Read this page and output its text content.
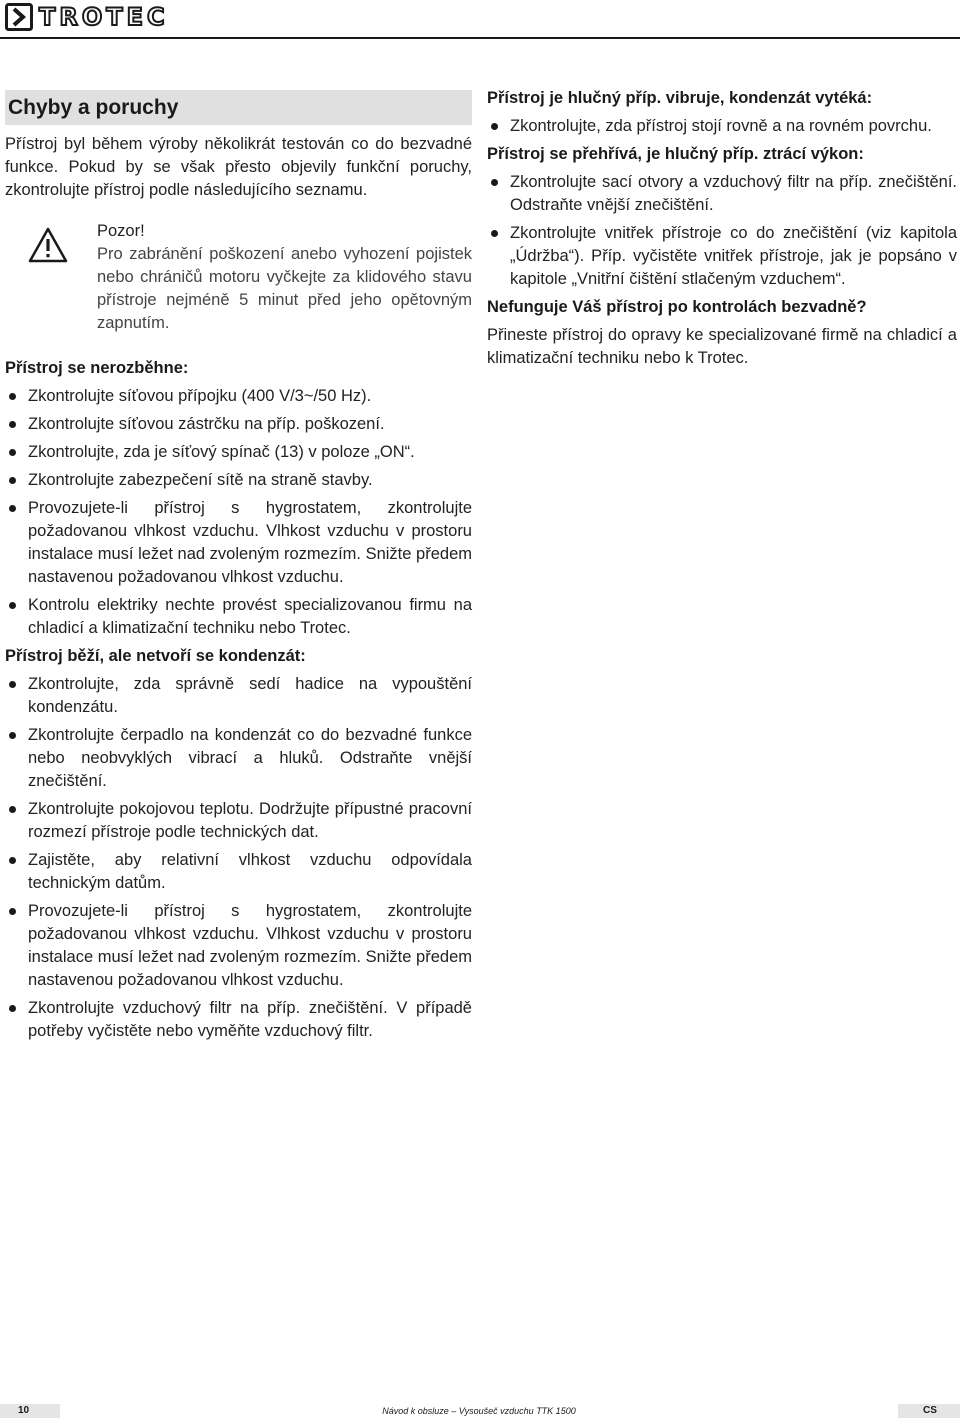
TROTEC
Chyby a poruchy

Přístroj byl během výroby několikrát testován co do bezvadné funkce. Pokud by se však přesto objevily funkční poruchy, zkontrolujte přístroj podle následujícího seznamu.

Pozor!

Pro zabránění poškození anebo vyhození pojistek nebo chráničů motoru vyčkejte za klidového stavu přístroje nejméně 5 minut před jeho opětovným zapnutím.

Přístroj se nerozběhne:
Zkontrolujte síťovou přípojku (400 V/3~/50 Hz).
Zkontrolujte síťovou zástrčku na příp. poškození.
Zkontrolujte, zda je síťový spínač (13) v poloze „ON“.
Zkontrolujte zabezpečení sítě na straně stavby.
Provozujete-li přístroj s hygrostatem, zkontrolujte požadovanou vlhkost vzduchu. Vlhkost vzduchu v prostoru instalace musí ležet nad zvoleným rozmezím. Snižte předem nastavenou požadovanou vlhkost vzduchu.
Kontrolu elektriky nechte provést specializovanou firmu na chladicí a klimatizační techniku nebo Trotec.
Přístroj běží, ale netvoří se kondenzát:
Zkontrolujte, zda správně sedí hadice na vypouštění kondenzátu.
Zkontrolujte čerpadlo na kondenzát co do bezvadné funkce nebo neobvyklých vibrací a hluků. Odstraňte vnější znečištění.
Zkontrolujte pokojovou teplotu. Dodržujte přípustné pracovní rozmezí přístroje podle technických dat.
Zajistěte, aby relativní vlhkost vzduchu odpovídala technickým datům.
Provozujete-li přístroj s hygrostatem, zkontrolujte požadovanou vlhkost vzduchu. Vlhkost vzduchu v prostoru instalace musí ležet nad zvoleným rozmezím. Snižte předem nastavenou požadovanou vlhkost vzduchu.
Zkontrolujte vzduchový filtr na příp. znečištění. V případě potřeby vyčistěte nebo vyměňte vzduchový filtr.
Přístroj je hlučný příp. vibruje, kondenzát vytéká:
Zkontrolujte, zda přístroj stojí rovně a na rovném povrchu.
Přístroj se přehřívá, je hlučný příp. ztrácí výkon:
Zkontrolujte sací otvory a vzduchový filtr na příp. znečištění. Odstraňte vnější znečištění.
Zkontrolujte vnitřek přístroje co do znečištění (viz kapitola „Údržba“). Příp. vyčistěte vnitřek přístroje, jak je popsáno v kapitole „Vnitřní čištění stlačeným vzduchem“.
Nefunguje Váš přístroj po kontrolách bezvadně?

Přineste přístroj do opravy ke specializované firmě na chladicí a klimatizační techniku nebo k Trotec.

10	Návod k obsluze – Vysoušeč vzduchu TTK 1500	CS
